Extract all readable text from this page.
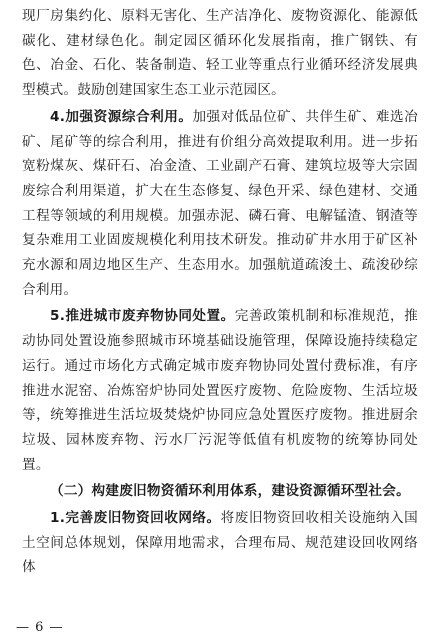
现厂房集约化、原料无害化、生产洁净化、废物资源化、能源低碳化、建材绿色化。制定园区循环化发展指南，推广钢铁、有色、冶金、石化、装备制造、轻工业等重点行业循环经济发展典型模式。鼓励创建国家生态工业示范园区。

4.加强资源综合利用。加强对低品位矿、共伴生矿、难选冶矿、尾矿等的综合利用，推进有价组分高效提取利用。进一步拓宽粉煤灰、煤矸石、冶金渣、工业副产石膏、建筑垃圾等大宗固废综合利用渠道，扩大在生态修复、绿色开采、绿色建材、交通工程等领域的利用规模。加强赤泥、磷石膏、电解锰渣、钢渣等复杂难用工业固废规模化利用技术研发。推动矿井水用于矿区补充水源和周边地区生产、生态用水。加强航道疏浚土、疏浚砂综合利用。

5.推进城市废弃物协同处置。完善政策机制和标准规范，推动协同处置设施参照城市环境基础设施管理，保障设施持续稳定运行。通过市场化方式确定城市废弃物协同处置付费标准，有序推进水泥窑、冶炼窑炉协同处置医疗废物、危险废物、生活垃圾等，统筹推进生活垃圾焚烧炉协同应急处置医疗废物。推进厨余垃圾、园林废弃物、污水厂污泥等低值有机废物的统筹协同处置。

（二）构建废旧物资循环利用体系，建设资源循环型社会。

1.完善废旧物资回收网络。将废旧物资回收相关设施纳入国土空间总体规划，保障用地需求，合理布局、规范建设回收网络体

— 6 —
